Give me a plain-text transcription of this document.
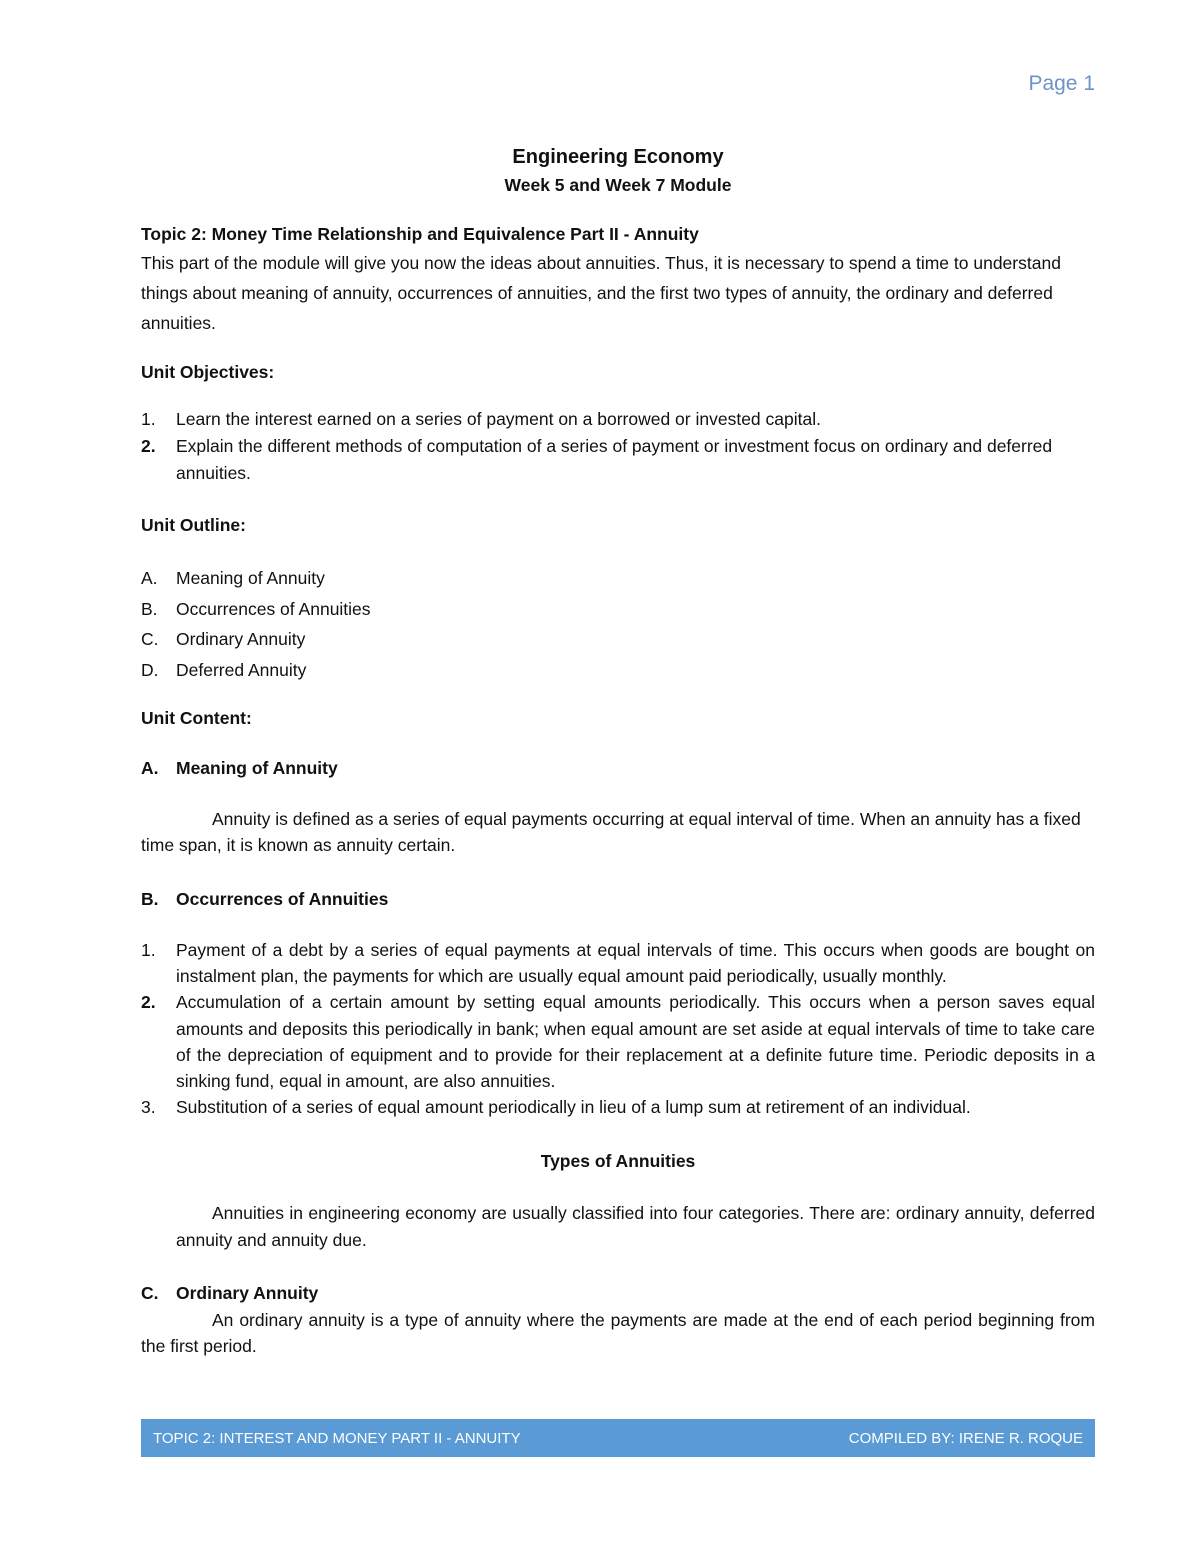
Page 1
Engineering Economy
Week 5 and Week 7 Module
Topic 2: Money Time Relationship and Equivalence Part II - Annuity
This part of the module will give you now the ideas about annuities. Thus, it is necessary to spend a time to understand things about meaning of annuity, occurrences of annuities, and the first two types of annuity, the ordinary and deferred annuities.
Unit Objectives:
1.	Learn the interest earned on a series of payment on a borrowed or invested capital.
2.	Explain the different methods of computation of a series of payment or investment focus on ordinary and deferred annuities.
Unit Outline:
A.	Meaning of Annuity
B.	Occurrences of Annuities
C.	Ordinary Annuity
D.	Deferred Annuity
Unit Content:
A.	Meaning of Annuity
Annuity is defined as a series of equal payments occurring at equal interval of time. When an annuity has a fixed time span, it is known as annuity certain.
B.	Occurrences of Annuities
1.	Payment of a debt by a series of equal payments at equal intervals of time. This occurs when goods are bought on instalment plan, the payments for which are usually equal amount paid periodically, usually monthly.
2.	Accumulation of a certain amount by setting equal amounts periodically. This occurs when a person saves equal amounts and deposits this periodically in bank; when equal amount are set aside at equal intervals of time to take care of the depreciation of equipment and to provide for their replacement at a definite future time. Periodic deposits in a sinking fund, equal in amount, are also annuities.
3.	Substitution of a series of equal amount periodically in lieu of a lump sum at retirement of an individual.
Types of Annuities
Annuities in engineering economy are usually classified into four categories. There are: ordinary annuity, deferred annuity and annuity due.
C.	Ordinary Annuity
An ordinary annuity is a type of annuity where the payments are made at the end of each period beginning from the first period.
TOPIC 2: INTEREST AND MONEY PART II - ANNUITY	COMPILED BY: IRENE R. ROQUE
